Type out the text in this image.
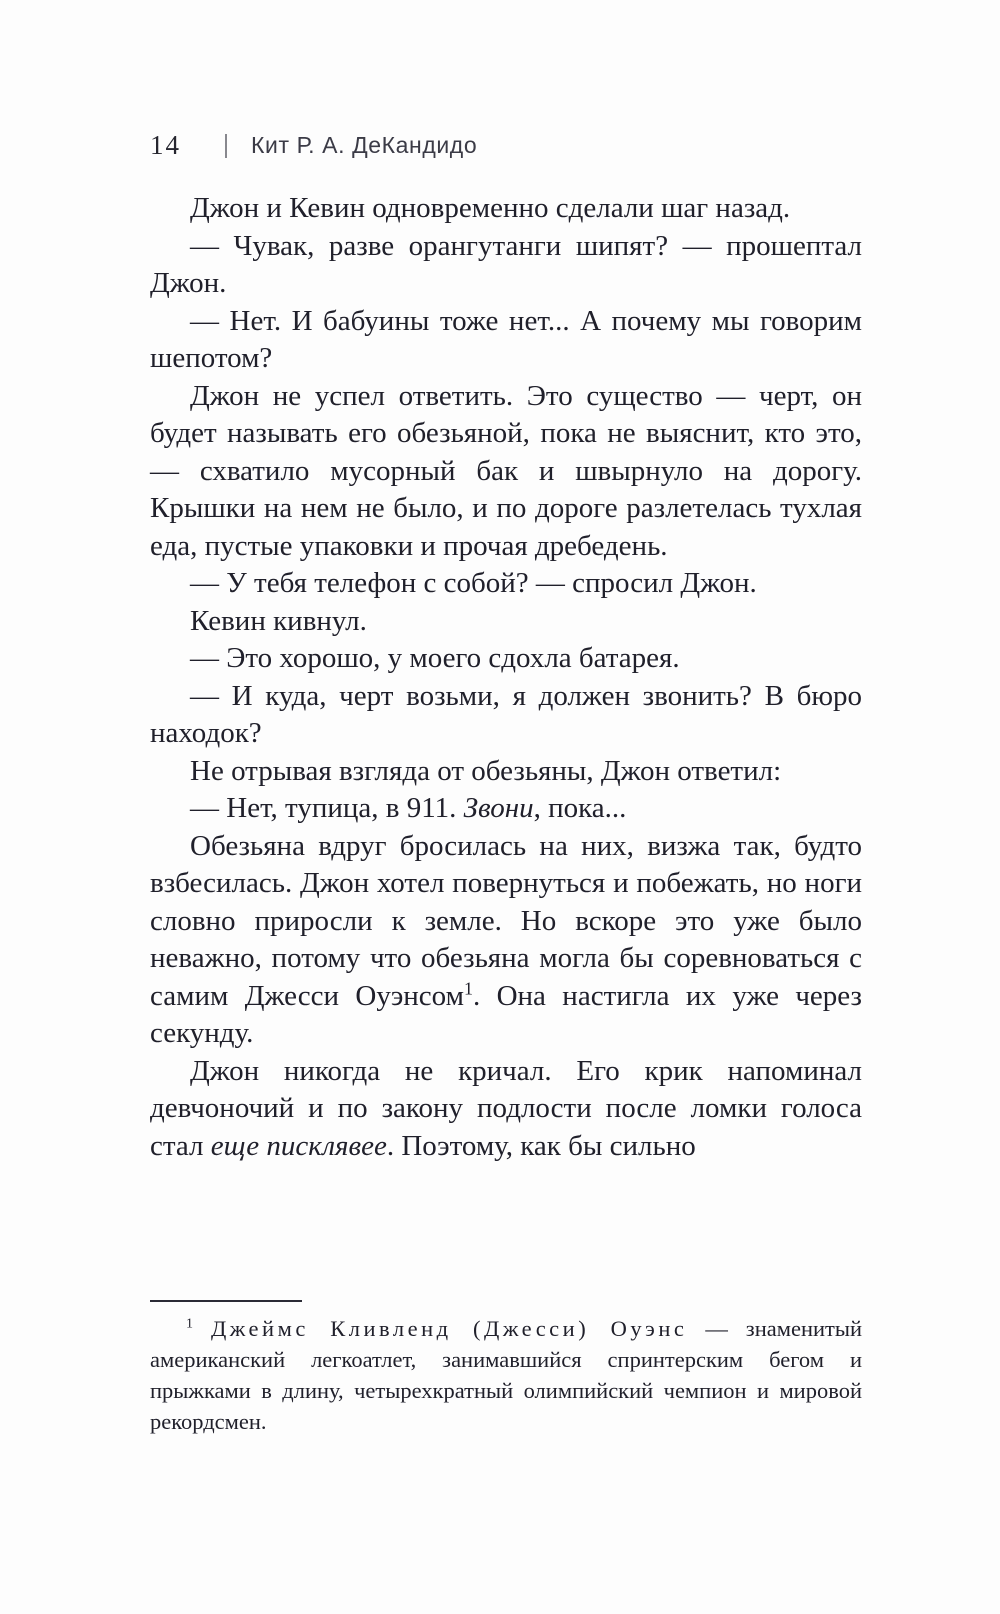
14	Кит Р. А. ДеКандидо

Джон и Кевин одновременно сделали шаг назад.

— Чувак, разве орангутанги шипят? — прошептал Джон.

— Нет. И бабуины тоже нет... А почему мы говорим шепотом?

Джон не успел ответить. Это существо — черт, он будет называть его обезьяной, пока не выяснит, кто это, — схватило мусорный бак и швырнуло на дорогу. Крышки на нем не было, и по дороге разлетелась тухлая еда, пустые упаковки и прочая дребедень.

— У тебя телефон с собой? — спросил Джон.

Кевин кивнул.

— Это хорошо, у моего сдохла батарея.

— И куда, черт возьми, я должен звонить? В бюро находок?

Не отрывая взгляда от обезьяны, Джон ответил:

— Нет, тупица, в 911. Звони, пока...

Обезьяна вдруг бросилась на них, визжа так, будто взбесилась. Джон хотел повернуться и побежать, но ноги словно приросли к земле. Но вскоре это уже было неважно, потому что обезьяна могла бы соревноваться с самим Джесси Оуэнсом$^1$. Она настигла их уже через секунду.

Джон никогда не кричал. Его крик напоминал девчоночий и по закону подлости после ломки голоса стал еще писклявее. Поэтому, как бы сильно

$^1$ Джеймс Кливленд (Джесси) Оуэнс — знаменитый американский легкоатлет, занимавшийся спринтерским бегом и прыжками в длину, четырехкратный олимпийский чемпион и мировой рекордсмен.
